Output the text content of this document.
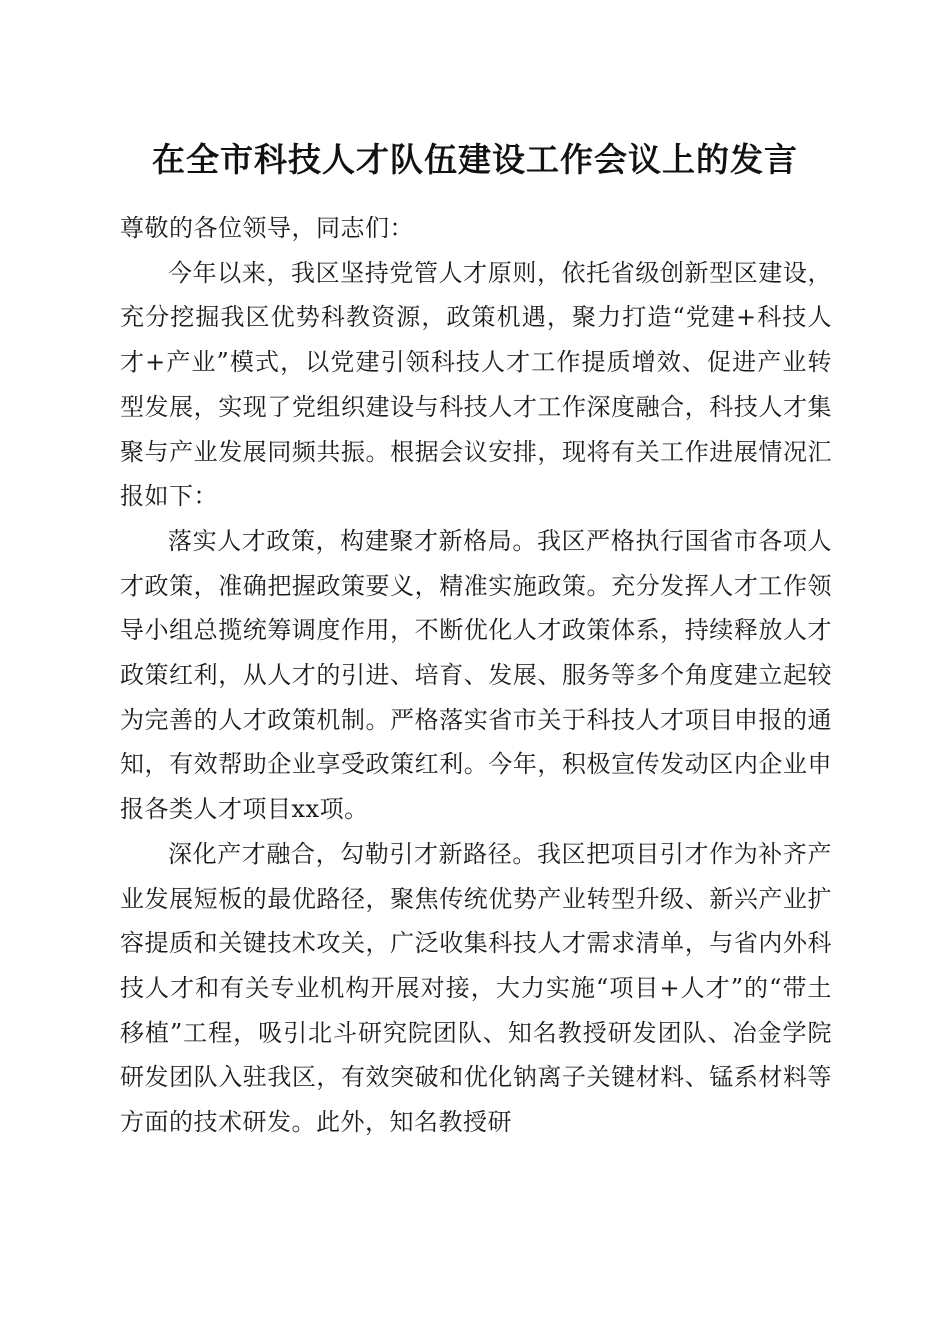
在全市科技人才队伍建设工作会议上的发言

尊敬的各位领导，同志们：

今年以来，我区坚持党管人才原则，依托省级创新型区建设，充分挖掘我区优势科教资源，政策机遇，聚力打造“党建+科技人才+产业”模式，以党建引领科技人才工作提质增效、促进产业转型发展，实现了党组织建设与科技人才工作深度融合，科技人才集聚与产业发展同频共振。根据会议安排，现将有关工作进展情况汇报如下：

落实人才政策，构建聚才新格局。我区严格执行国省市各项人才政策，准确把握政策要义，精准实施政策。充分发挥人才工作领导小组总揽统筹调度作用，不断优化人才政策体系，持续释放人才政策红利，从人才的引进、培育、发展、服务等多个角度建立起较为完善的人才政策机制。严格落实省市关于科技人才项目申报的通知，有效帮助企业享受政策红利。今年，积极宣传发动区内企业申报各类人才项目xx项。

深化产才融合，勾勒引才新路径。我区把项目引才作为补齐产业发展短板的最优路径，聚焦传统优势产业转型升级、新兴产业扩容提质和关键技术攻关，广泛收集科技人才需求清单，与省内外科技人才和有关专业机构开展对接，大力实施“项目+人才”的“带土移植”工程，吸引北斗研究院团队、知名教授研发团队、冶金学院研发团队入驻我区，有效突破和优化钠离子关键材料、锰系材料等方面的技术研发。此外，知名教授研
